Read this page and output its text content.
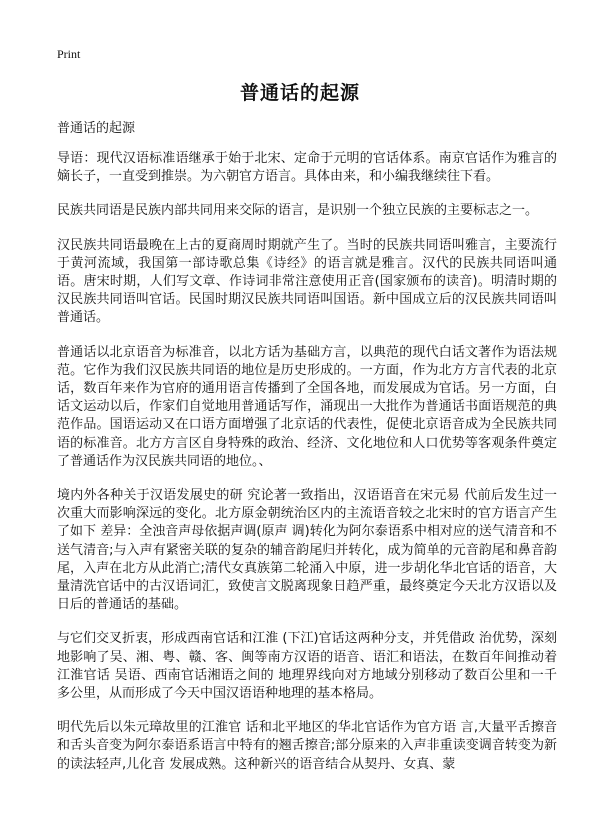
Print
普通话的起源
普通话的起源

导语：现代汉语标准语继承于始于北宋、定命于元明的官话体系。南京官话作为雅言的嫡长子，一直受到推崇。为六朝官方语言。具体由来，和小编我继续往下看。

民族共同语是民族内部共同用来交际的语言，是识别一个独立民族的主要标志之一。

汉民族共同语最晚在上古的夏商周时期就产生了。当时的民族共同语叫雅言，主要流行于黄河流域，我国第一部诗歌总集《诗经》的语言就是雅言。汉代的民族共同语叫通语。唐宋时期，人们写文章、作诗词非常注意使用正音(国家颁布的读音)。明清时期的汉民族共同语叫官话。民国时期汉民族共同语叫国语。新中国成立后的汉民族共同语叫普通话。

普通话以北京语音为标准音，以北方话为基础方言，以典范的现代白话文著作为语法规范。它作为我们汉民族共同语的地位是历史形成的。一方面，作为北方方言代表的北京话，数百年来作为官府的通用语言传播到了全国各地，而发展成为官话。另一方面，白话文运动以后，作家们自觉地用普通话写作，涌现出一大批作为普通话书面语规范的典范作品。国语运动又在口语方面增强了北京话的代表性，促使北京语音成为全民族共同语的标准音。北方方言区自身特殊的政治、经济、文化地位和人口优势等客观条件奠定了普通话作为汉民族共同语的地位。、

境内外各种关于汉语发展史的研 究论著一致指出，汉语语音在宋元易 代前后发生过一次重大而影响深远的变化。北方原金朝统治区内的主流语音较之北宋时的官方语言产生了如下 差异：全浊音声母依据声调(原声 调)转化为阿尔泰语系中相对应的送气清音和不送气清音;与入声有紧密关联的复杂的辅音韵尾归并转化，成为简单的元音韵尾和鼻音韵尾，入声在北方从此消亡;清代女真族第二轮涌入中原，进一步胡化华北官话的语音，大量清洗官话中的古汉语词汇，致使言文脱离现象日趋严重，最终奠定今天北方汉语以及日后的普通话的基础。

与它们交叉折衷，形成西南官话和江淮 (下江)官话这两种分支，并凭借政 治优势，深刻地影响了吴、湘、粤、赣、客、闽等南方汉语的语音、语汇和语法，在数百年间推动着江淮官话 吴语、西南官话湘语之间的 地理界线向对方地域分别移动了数百公里和一千多公里，从而形成了今天中国汉语语种地理的基本格局。

明代先后以朱元璋故里的江淮官 话和北平地区的华北官话作为官方语 言,大量平舌擦音和舌头音变为阿尔泰语系语言中特有的翘舌擦音;部分原来的入声非重读变调音转变为新的读法轻声,儿化音 发展成熟。这种新兴的语音结合从契丹、女真、蒙
